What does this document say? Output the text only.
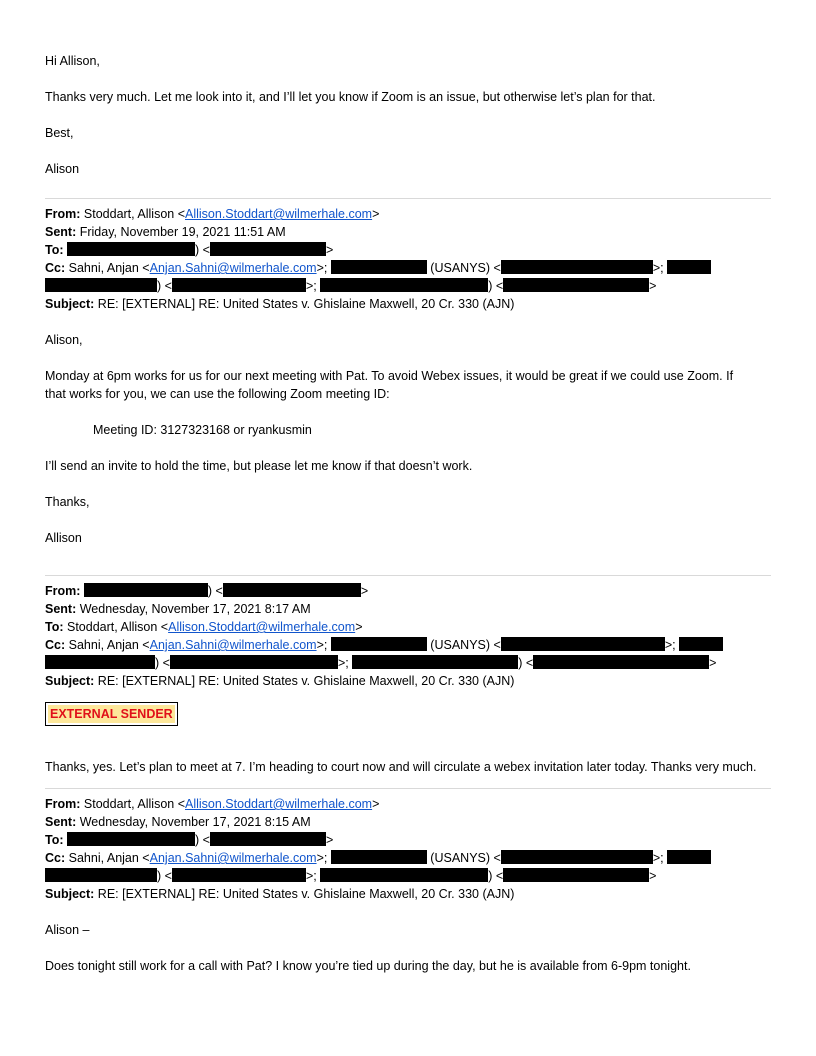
Hi Allison,

Thanks very much. Let me look into it, and I’ll let you know if Zoom is an issue, but otherwise let’s plan for that.

Best,

Alison

From: Stoddart, Allison <Allison.Stoddart@wilmerhale.com>

Sent: Friday, November 19, 2021 11:51 AM

To:	) <	>

Cc: Sahni, Anjan <Anjan.Sahni@wilmerhale.com>;	(USANYS) <	>;

) <	>;	) <	>

Subject: RE: [EXTERNAL] RE: United States v. Ghislaine Maxwell, 20 Cr. 330 (AJN)

Alison,

Monday at 6pm works for us for our next meeting with Pat. To avoid Webex issues, it would be great if we could use Zoom. If that works for you, we can use the following Zoom meeting ID:

Meeting ID: 3127323168 or ryankusmin

I’ll send an invite to hold the time, but please let me know if that doesn’t work.

Thanks,

Allison

From:	) <	>

Sent: Wednesday, November 17, 2021 8:17 AM

To: Stoddart, Allison <Allison.Stoddart@wilmerhale.com>

Cc: Sahni, Anjan <Anjan.Sahni@wilmerhale.com>;	(USANYS) <	>;

) <	>;	) <	>

Subject: RE: [EXTERNAL] RE: United States v. Ghislaine Maxwell, 20 Cr. 330 (AJN)

EXTERNAL SENDER

Thanks, yes. Let’s plan to meet at 7. I’m heading to court now and will circulate a webex invitation later today. Thanks very much.

From: Stoddart, Allison <Allison.Stoddart@wilmerhale.com>

Sent: Wednesday, November 17, 2021 8:15 AM

To:	) <	>

Cc: Sahni, Anjan <Anjan.Sahni@wilmerhale.com>;	(USANYS) <	>;

) <	>;	) <	>

Subject: RE: [EXTERNAL] RE: United States v. Ghislaine Maxwell, 20 Cr. 330 (AJN)

Alison –

Does tonight still work for a call with Pat? I know you’re tied up during the day, but he is available from 6-9pm tonight.
